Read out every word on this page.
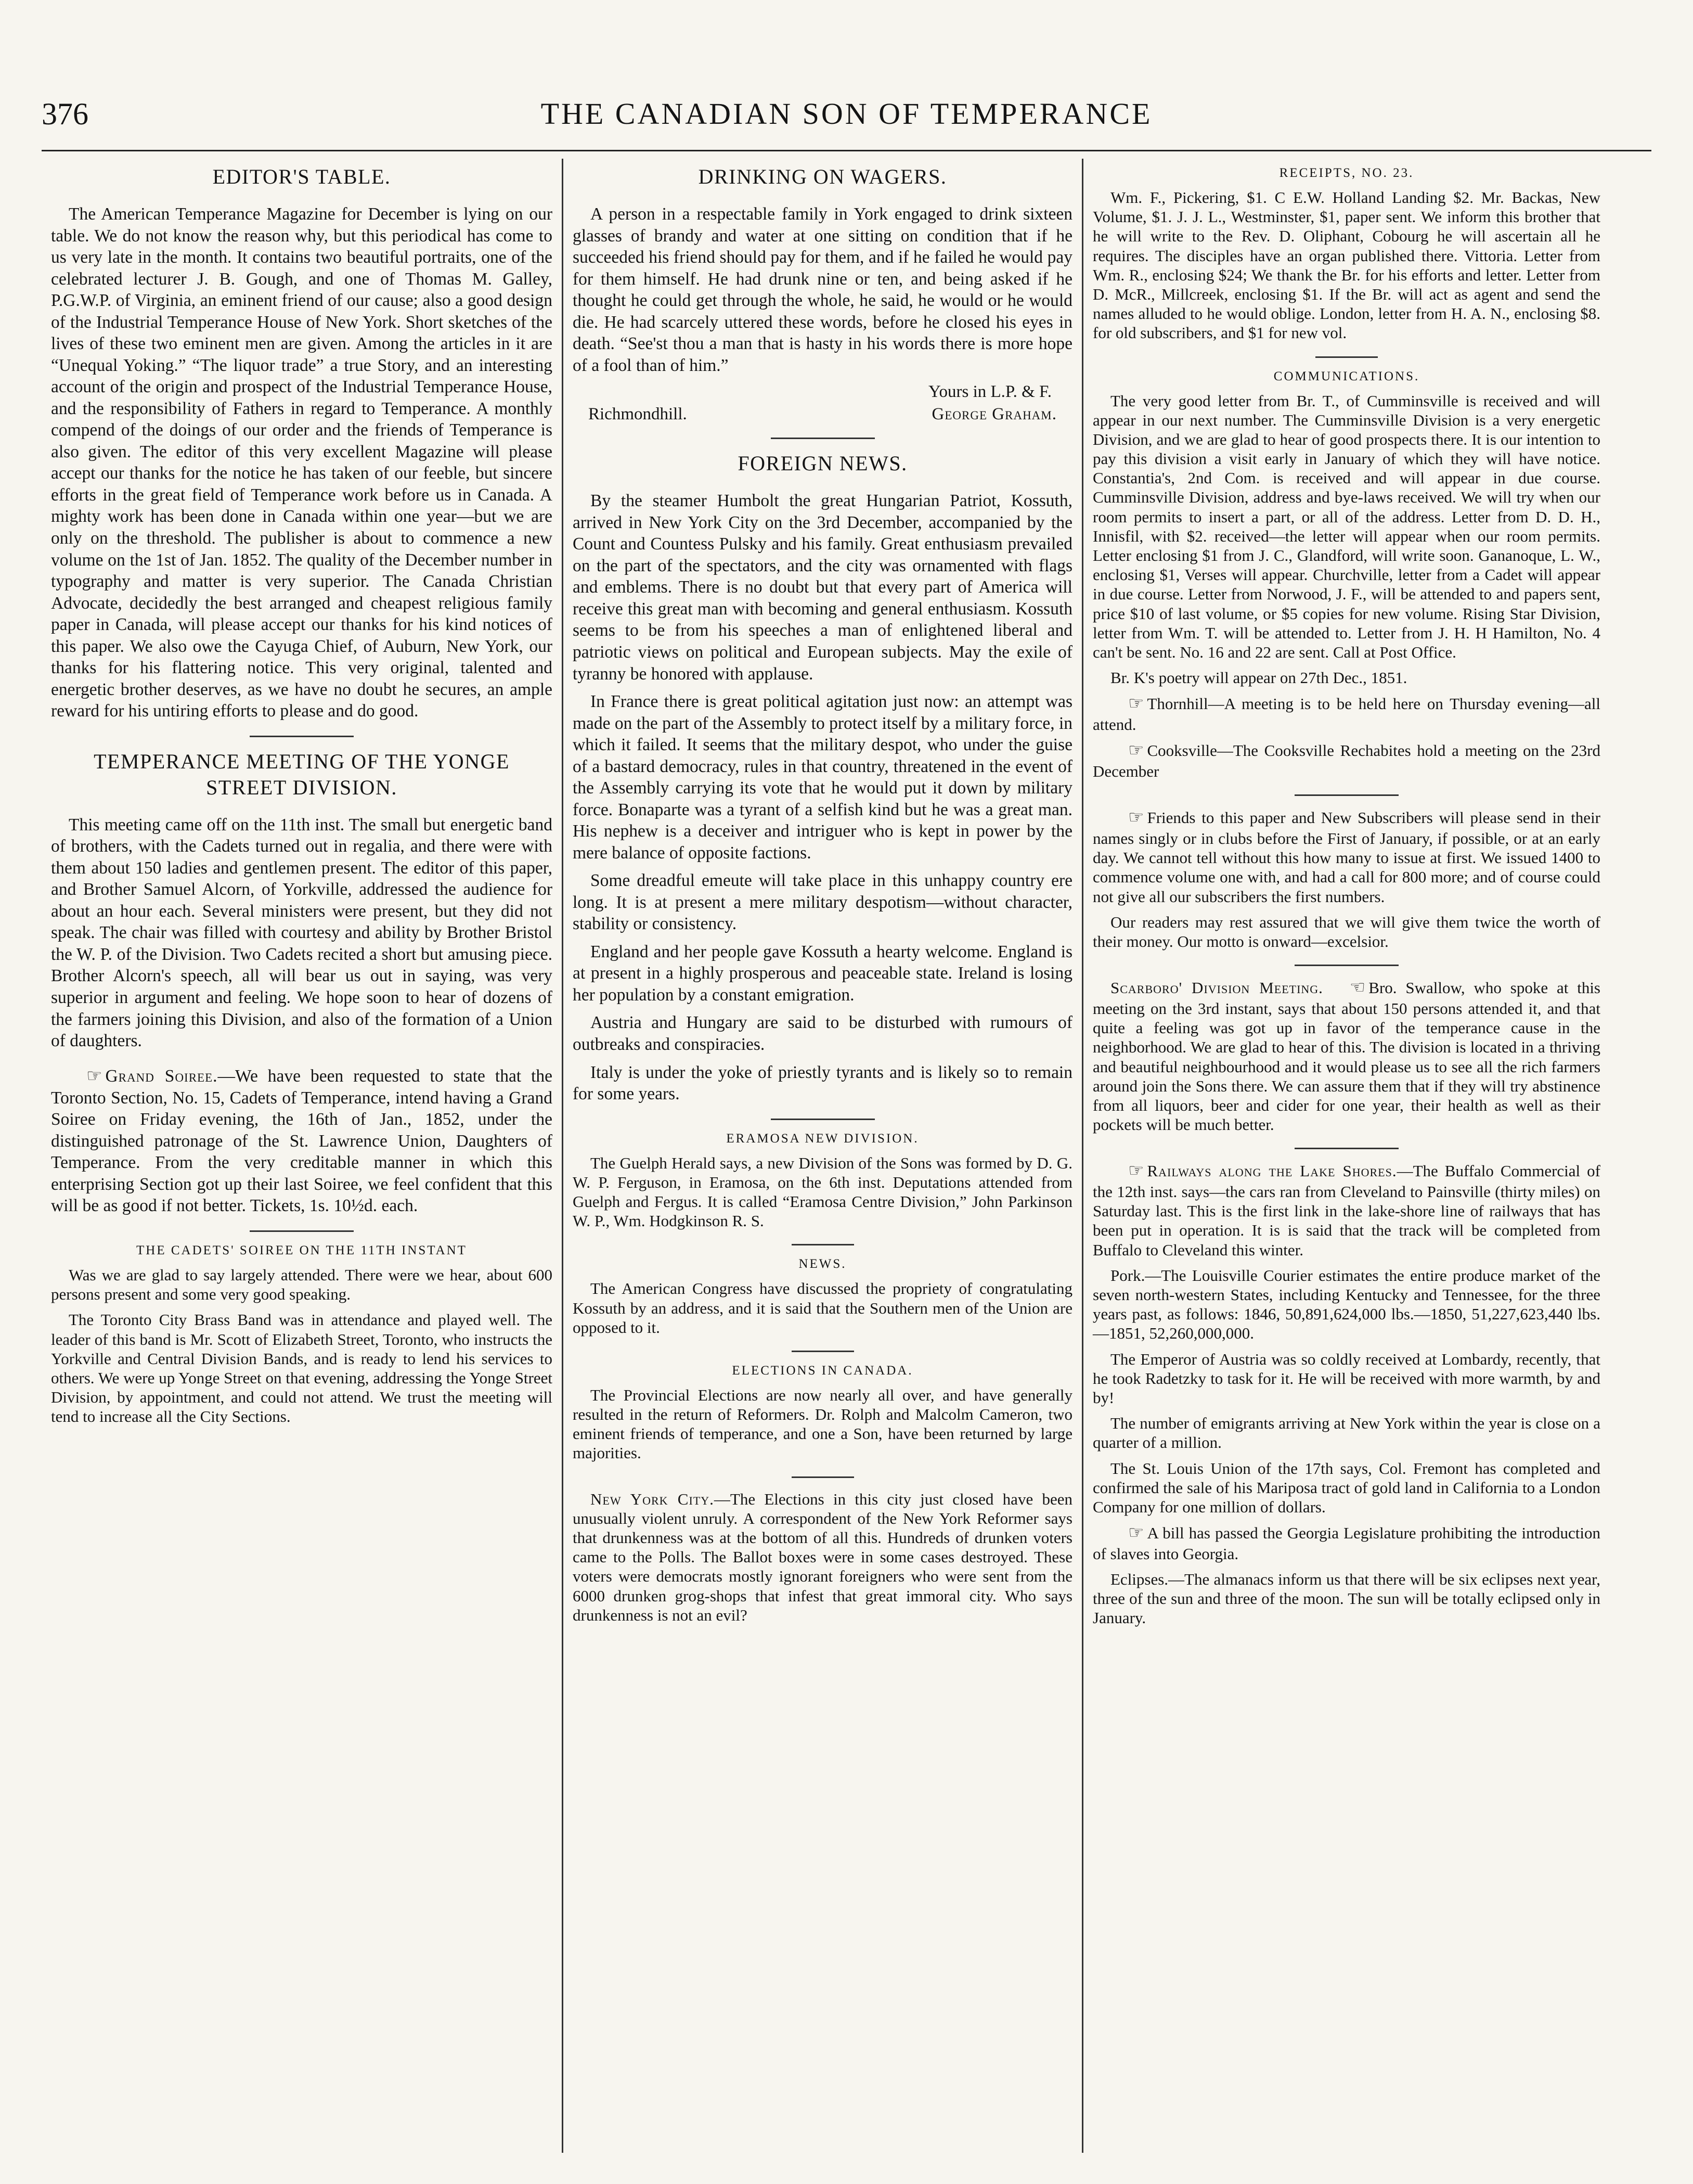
376	THE CANADIAN SON OF TEMPERANCE
EDITOR'S TABLE.

The American Temperance Magazine for December is lying on our table. We do not know the reason why, but this periodical has come to us very late in the month. It contains two beautiful portraits, one of the celebrated lecturer J. B. Gough, and one of Thomas M. Galley, P.G.W.P. of Virginia, an eminent friend of our cause; also a good design of the Industrial Temperance House of New York. Short sketches of the lives of these two eminent men are given. Among the articles in it are “Unequal Yoking.” “The liquor trade” a true Story, and an interesting account of the origin and prospect of the Industrial Temperance House, and the responsibility of Fathers in regard to Temperance. A monthly compend of the doings of our order and the friends of Temperance is also given. The editor of this very excellent Magazine will please accept our thanks for the notice he has taken of our feeble, but sincere efforts in the great field of Temperance work before us in Canada. A mighty work has been done in Canada within one year—but we are only on the threshold. The publisher is about to commence a new volume on the 1st of Jan. 1852. The quality of the December number in typography and matter is very superior. The Canada Christian Advocate, decidedly the best arranged and cheapest religious family paper in Canada, will please accept our thanks for his kind notices of this paper. We also owe the Cayuga Chief, of Auburn, New York, our thanks for his flattering notice. This very original, talented and energetic brother deserves, as we have no doubt he secures, an ample reward for his untiring efforts to please and do good.

TEMPERANCE MEETING OF THE YONGE STREET DIVISION.

This meeting came off on the 11th inst. The small but energetic band of brothers, with the Cadets turned out in regalia, and there were with them about 150 ladies and gentlemen present. The editor of this paper, and Brother Samuel Alcorn, of Yorkville, addressed the audience for about an hour each. Several ministers were present, but they did not speak. The chair was filled with courtesy and ability by Brother Bristol the W. P. of the Division. Two Cadets recited a short but amusing piece. Brother Alcorn's speech, all will bear us out in saying, was very superior in argument and feeling. We hope soon to hear of dozens of the farmers joining this Division, and also of the formation of a Union of daughters.

☞ Grand Soiree.—We have been requested to state that the Toronto Section, No. 15, Cadets of Temperance, intend having a Grand Soiree on Friday evening, the 16th of Jan., 1852, under the distinguished patronage of the St. Lawrence Union, Daughters of Temperance. From the very creditable manner in which this enterprising Section got up their last Soiree, we feel confident that this will be as good if not better. Tickets, 1s. 10½d. each.

THE CADETS' SOIREE ON THE 11TH INSTANT

Was we are glad to say largely attended. There were we hear, about 600 persons present and some very good speaking.

The Toronto City Brass Band was in attendance and played well. The leader of this band is Mr. Scott of Elizabeth Street, Toronto, who instructs the Yorkville and Central Division Bands, and is ready to lend his services to others. We were up Yonge Street on that evening, addressing the Yonge Street Division, by appointment, and could not attend. We trust the meeting will tend to increase all the City Sections.

DRINKING ON WAGERS.

A person in a respectable family in York engaged to drink sixteen glasses of brandy and water at one sitting on condition that if he succeeded his friend should pay for them, and if he failed he would pay for them himself. He had drunk nine or ten, and being asked if he thought he could get through the whole, he said, he would or he would die. He had scarcely uttered these words, before he closed his eyes in death. “See'st thou a man that is hasty in his words there is more hope of a fool than of him.”

Yours in L.P. & F.
Richmondhill.	George Graham.
FOREIGN NEWS.

By the steamer Humbolt the great Hungarian Patriot, Kossuth, arrived in New York City on the 3rd December, accompanied by the Count and Countess Pulsky and his family. Great enthusiasm prevailed on the part of the spectators, and the city was ornamented with flags and emblems. There is no doubt but that every part of America will receive this great man with becoming and general enthusiasm. Kossuth seems to be from his speeches a man of enlightened liberal and patriotic views on political and European subjects. May the exile of tyranny be honored with applause.

In France there is great political agitation just now: an attempt was made on the part of the Assembly to protect itself by a military force, in which it failed. It seems that the military despot, who under the guise of a bastard democracy, rules in that country, threatened in the event of the Assembly carrying its vote that he would put it down by military force. Bonaparte was a tyrant of a selfish kind but he was a great man. His nephew is a deceiver and intriguer who is kept in power by the mere balance of opposite factions.

Some dreadful emeute will take place in this unhappy country ere long. It is at present a mere military despotism—without character, stability or consistency.

England and her people gave Kossuth a hearty welcome. England is at present in a highly prosperous and peaceable state. Ireland is losing her population by a constant emigration.

Austria and Hungary are said to be disturbed with rumours of outbreaks and conspiracies.

Italy is under the yoke of priestly tyrants and is likely so to remain for some years.

ERAMOSA NEW DIVISION.

The Guelph Herald says, a new Division of the Sons was formed by D. G. W. P. Ferguson, in Eramosa, on the 6th inst. Deputations attended from Guelph and Fergus. It is called “Eramosa Centre Division,” John Parkinson W. P., Wm. Hodgkinson R. S.

NEWS.

The American Congress have discussed the propriety of congratulating Kossuth by an address, and it is said that the Southern men of the Union are opposed to it.

ELECTIONS IN CANADA.

The Provincial Elections are now nearly all over, and have generally resulted in the return of Reformers. Dr. Rolph and Malcolm Cameron, two eminent friends of temperance, and one a Son, have been returned by large majorities.

New York City.—The Elections in this city just closed have been unusually violent unruly. A correspondent of the New York Reformer says that drunkenness was at the bottom of all this. Hundreds of drunken voters came to the Polls. The Ballot boxes were in some cases destroyed. These voters were democrats mostly ignorant foreigners who were sent from the 6000 drunken grog-shops that infest that great immoral city. Who says drunkenness is not an evil?

RECEIPTS, NO. 23.

Wm. F., Pickering, $1. C E.W. Holland Landing $2. Mr. Backas, New Volume, $1. J. J. L., Westminster, $1, paper sent. We inform this brother that he will write to the Rev. D. Oliphant, Cobourg he will ascertain all he requires. The disciples have an organ published there. Vittoria. Letter from Wm. R., enclosing $24; We thank the Br. for his efforts and letter. Letter from D. McR., Millcreek, enclosing $1. If the Br. will act as agent and send the names alluded to he would oblige. London, letter from H. A. N., enclosing $8. for old subscribers, and $1 for new vol.

COMMUNICATIONS.

The very good letter from Br. T., of Cumminsville is received and will appear in our next number. The Cumminsville Division is a very energetic Division, and we are glad to hear of good prospects there. It is our intention to pay this division a visit early in January of which they will have notice. Constantia's, 2nd Com. is received and will appear in due course. Cumminsville Division, address and bye-laws received. We will try when our room permits to insert a part, or all of the address. Letter from D. D. H., Innisfil, with $2. received—the letter will appear when our room permits. Letter enclosing $1 from J. C., Glandford, will write soon. Gananoque, L. W., enclosing $1, Verses will appear. Churchville, letter from a Cadet will appear in due course. Letter from Norwood, J. F., will be attended to and papers sent, price $10 of last volume, or $5 copies for new volume. Rising Star Division, letter from Wm. T. will be attended to. Letter from J. H. H Hamilton, No. 4 can't be sent. No. 16 and 22 are sent. Call at Post Office.

Br. K's poetry will appear on 27th Dec., 1851.

☞ Thornhill—A meeting is to be held here on Thursday evening—all attend.

☞ Cooksville—The Cooksville Rechabites hold a meeting on the 23rd December

☞ Friends to this paper and New Subscribers will please send in their names singly or in clubs before the First of January, if possible, or at an early day. We cannot tell without this how many to issue at first. We issued 1400 to commence volume one with, and had a call for 800 more; and of course could not give all our subscribers the first numbers.

Our readers may rest assured that we will give them twice the worth of their money. Our motto is onward—excelsior.

Scarboro' Division Meeting. ☜ Bro. Swallow, who spoke at this meeting on the 3rd instant, says that about 150 persons attended it, and that quite a feeling was got up in favor of the temperance cause in the neighborhood. We are glad to hear of this. The division is located in a thriving and beautiful neighbourhood and it would please us to see all the rich farmers around join the Sons there. We can assure them that if they will try abstinence from all liquors, beer and cider for one year, their health as well as their pockets will be much better.

☞ Railways along the Lake Shores.—The Buffalo Commercial of the 12th inst. says—the cars ran from Cleveland to Painsville (thirty miles) on Saturday last. This is the first link in the lake-shore line of railways that has been put in operation. It is is said that the track will be completed from Buffalo to Cleveland this winter.

Pork.—The Louisville Courier estimates the entire produce market of the seven north-western States, including Kentucky and Tennessee, for the three years past, as follows: 1846, 50,891,624,000 lbs.—1850, 51,227,623,440 lbs.—1851, 52,260,000,000.

The Emperor of Austria was so coldly received at Lombardy, recently, that he took Radetzky to task for it. He will be received with more warmth, by and by!

The number of emigrants arriving at New York within the year is close on a quarter of a million.

The St. Louis Union of the 17th says, Col. Fremont has completed and confirmed the sale of his Mariposa tract of gold land in California to a London Company for one million of dollars.

☞ A bill has passed the Georgia Legislature prohibiting the introduction of slaves into Georgia.

Eclipses.—The almanacs inform us that there will be six eclipses next year, three of the sun and three of the moon. The sun will be totally eclipsed only in January.
